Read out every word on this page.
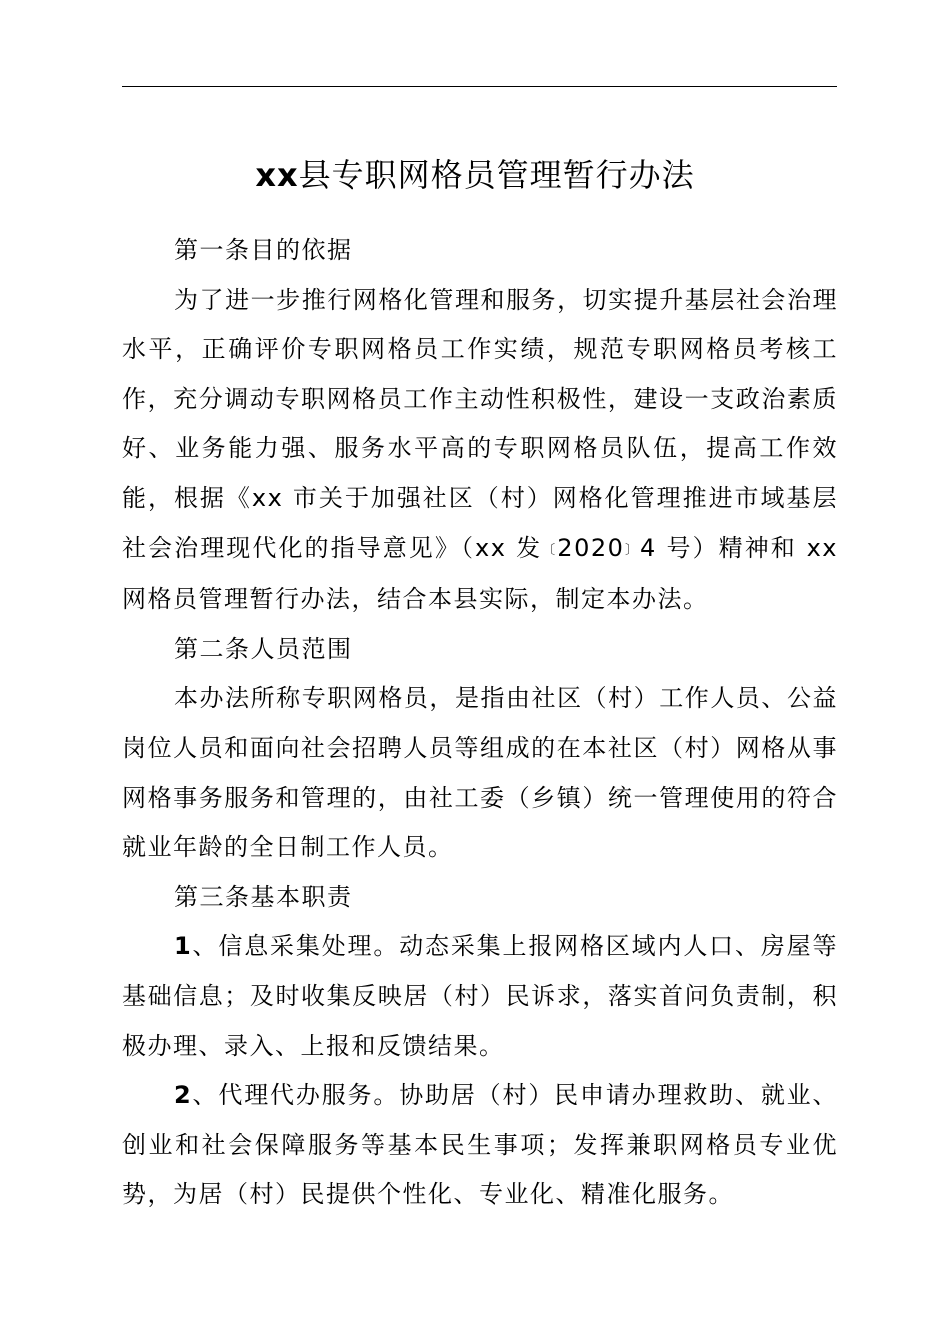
xx县专职网格员管理暂行办法

第一条目的依据

为了进一步推行网格化管理和服务，切实提升基层社会治理水平，正确评价专职网格员工作实绩，规范专职网格员考核工作，充分调动专职网格员工作主动性积极性，建设一支政治素质好、业务能力强、服务水平高的专职网格员队伍，提高工作效能，根据《xx 市关于加强社区（村）网格化管理推进市域基层社会治理现代化的指导意见》（xx 发〔2020〕4 号）精神和 xx 网格员管理暂行办法，结合本县实际，制定本办法。

第二条人员范围

本办法所称专职网格员，是指由社区（村）工作人员、公益岗位人员和面向社会招聘人员等组成的在本社区（村）网格从事网格事务服务和管理的，由社工委（乡镇）统一管理使用的符合就业年龄的全日制工作人员。

第三条基本职责

1、信息采集处理。动态采集上报网格区域内人口、房屋等基础信息；及时收集反映居（村）民诉求，落实首问负责制，积极办理、录入、上报和反馈结果。

2、代理代办服务。协助居（村）民申请办理救助、就业、创业和社会保障服务等基本民生事项；发挥兼职网格员专业优势，为居（村）民提供个性化、专业化、精准化服务。
